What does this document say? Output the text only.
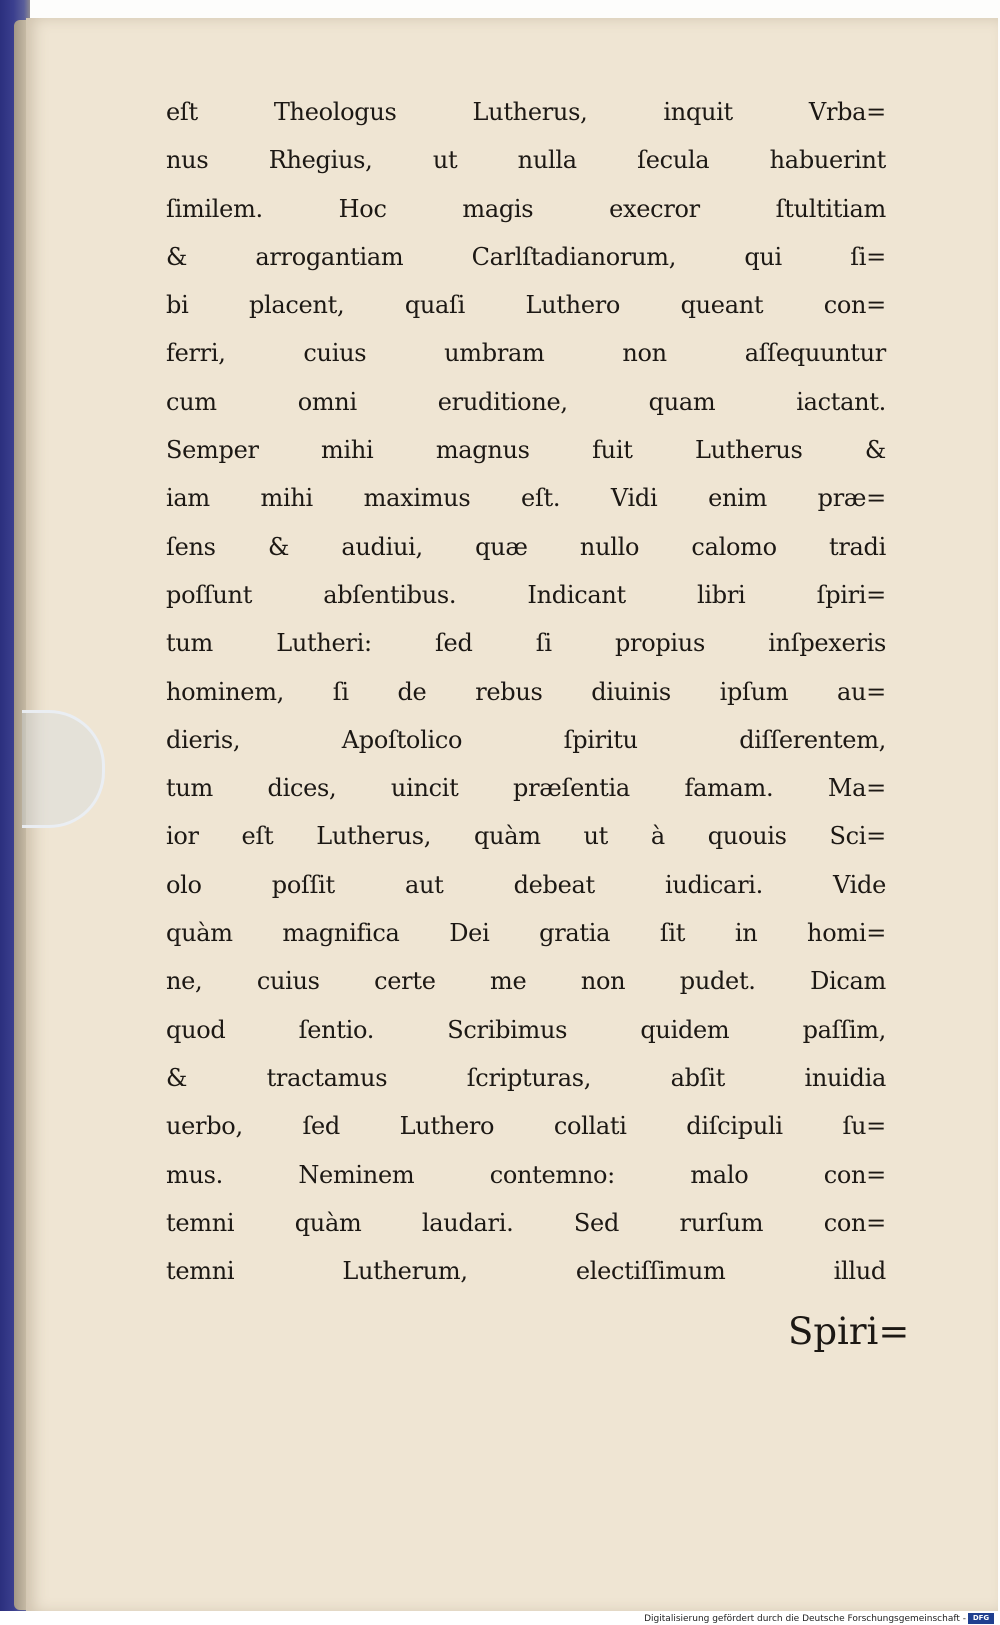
eſt Theologus Lutherus, inquit Vrba=
nus Rhegius, ut nulla ſecula habuerint
ſimilem. Hoc magis execror ſtultitiam
& arrogantiam Carlſtadianorum, qui ſi=
bi placent, quaſi Luthero queant con=
ferri, cuius umbram non aſſequuntur
cum omni eruditione, quam iactant.
Semper mihi magnus fuit Lutherus &
iam mihi maximus eſt. Vidi enim præ=
ſens & audiui, quæ nullo calomo tradi
poſſunt abſentibus. Indicant libri ſpiri=
tum Lutheri: ſed ſi propius inſpexeris
hominem, ſi de rebus diuinis ipſum au=
dieris, Apoſtolico ſpiritu diſſerentem,
tum dices, uincit præſentia famam. Ma=
ior eſt Lutherus, quàm ut à quouis Sci=
olo poſſit aut debeat iudicari. Vide
quàm magnifica Dei gratia ſit in homi=
ne, cuius certe me non pudet. Dicam
quod ſentio. Scribimus quidem paſſim,
& tractamus ſcripturas, abſit inuidia
uerbo, ſed Luthero collati diſcipuli ſu=
mus. Neminem contemno: malo con=
temni quàm laudari. Sed rurſum con=
temni Lutherum, electiſſimum illud
Spiri=
Digitalisierung gefördert durch die Deutsche Forschungsgemeinschaft - DFG
